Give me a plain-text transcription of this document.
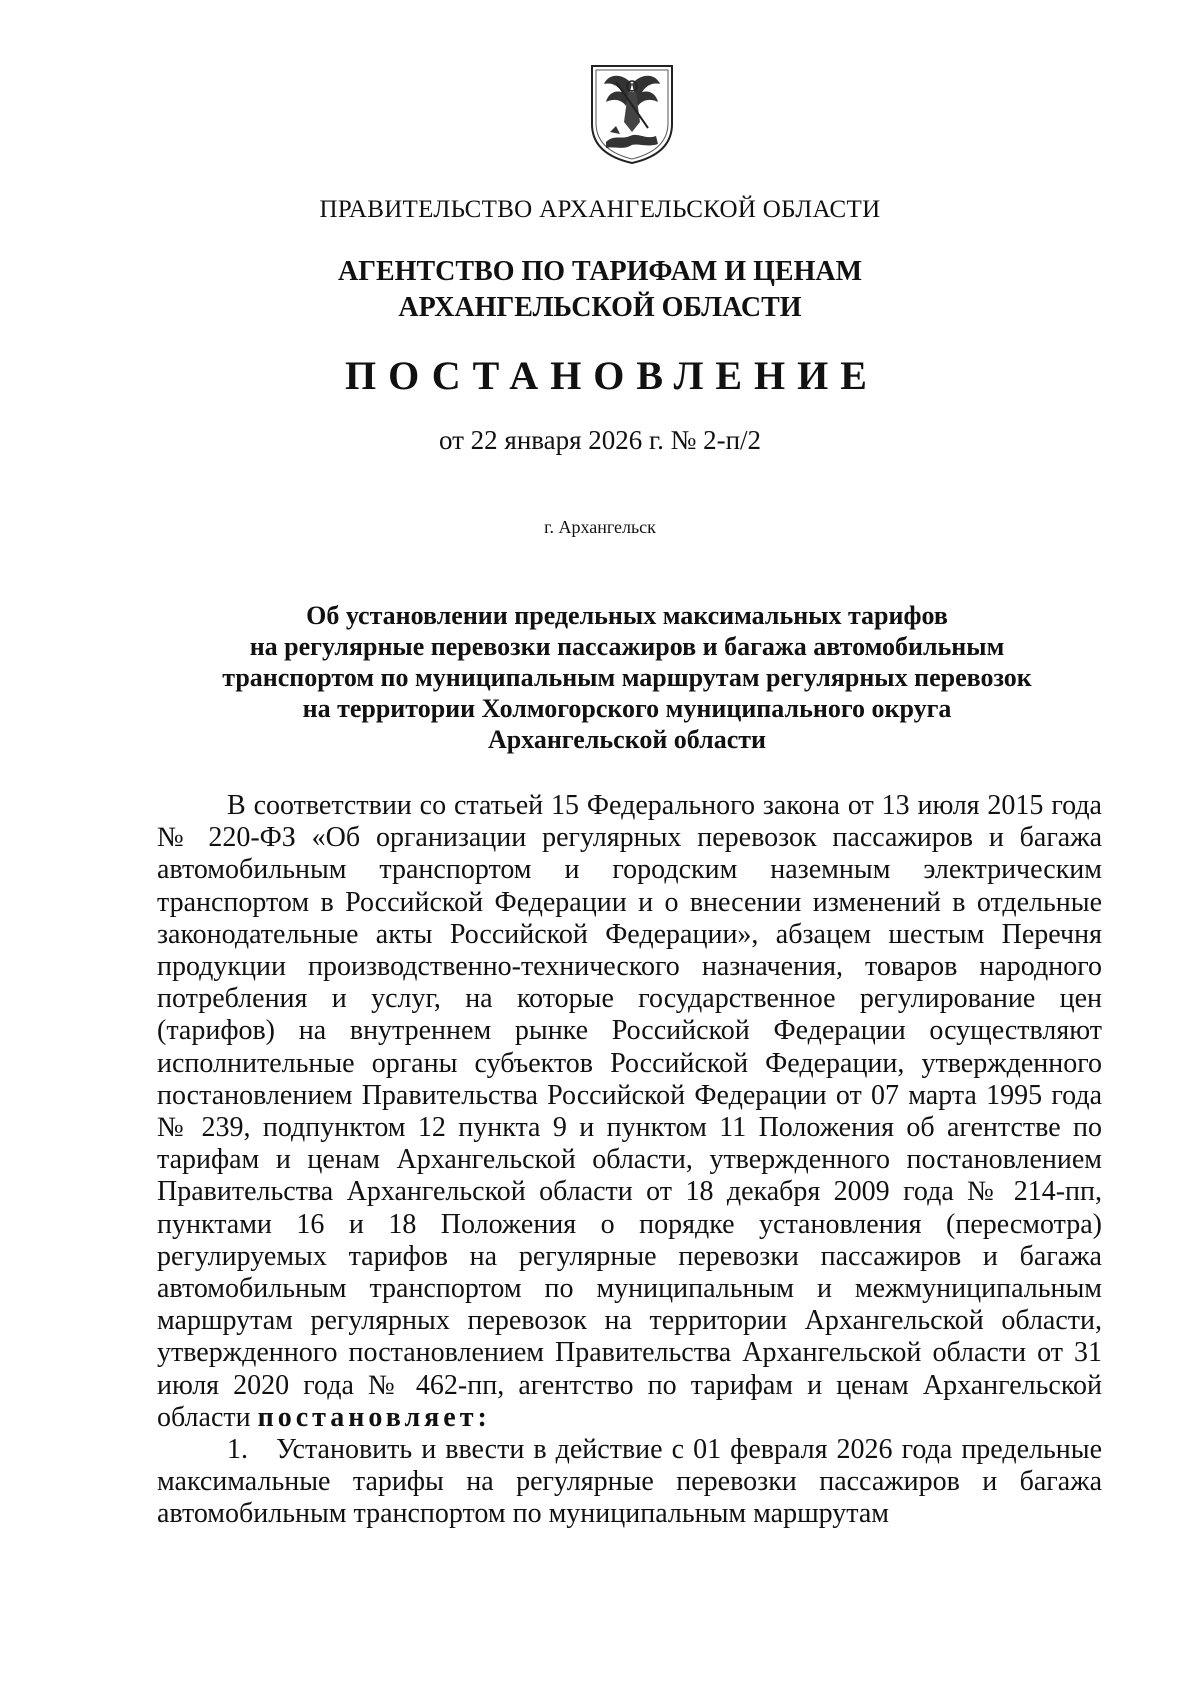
ПРАВИТЕЛЬСТВО АРХАНГЕЛЬСКОЙ ОБЛАСТИ
АГЕНТСТВО ПО ТАРИФАМ И ЦЕНАМ
АРХАНГЕЛЬСКОЙ ОБЛАСТИ
ПОСТАНОВЛЕНИЕ
от 22 января 2026 г. № 2-п/2
г. Архангельск
Об установлении предельных максимальных тарифов
на регулярные перевозки пассажиров и багажа автомобильным
транспортом по муниципальным маршрутам регулярных перевозок
на территории Холмогорского муниципального округа
Архангельской области

В соответствии со статьей 15 Федерального закона от 13 июля 2015 года № 220-ФЗ «Об организации регулярных перевозок пассажиров и багажа автомобильным транспортом и городским наземным электрическим транспортом в Российской Федерации и о внесении изменений в отдельные законодательные акты Российской Федерации», абзацем шестым Перечня продукции производственно-технического назначения, товаров народного потребления и услуг, на которые государственное регулирование цен (тарифов) на внутреннем рынке Российской Федерации осуществляют исполнительные органы субъектов Российской Федерации, утвержденного постановлением Правительства Российской Федерации от 07 марта 1995 года № 239, подпунктом 12 пункта 9 и пунктом 11 Положения об агентстве по тарифам и ценам Архангельской области, утвержденного постановлением Правительства Архангельской области от 18 декабря 2009 года № 214-пп, пунктами 16 и 18 Положения о порядке установления (пересмотра) регулируемых тарифов на регулярные перевозки пассажиров и багажа автомобильным транспортом по муниципальным и межмуниципальным маршрутам регулярных перевозок на территории Архангельской области, утвержденного постановлением Правительства Архангельской области от 31 июля 2020 года № 462-пп, агентство по тарифам и ценам Архангельской области постановляет:

1. Установить и ввести в действие с 01 февраля 2026 года предельные максимальные тарифы на регулярные перевозки пассажиров и багажа автомобильным транспортом по муниципальным маршрутам
